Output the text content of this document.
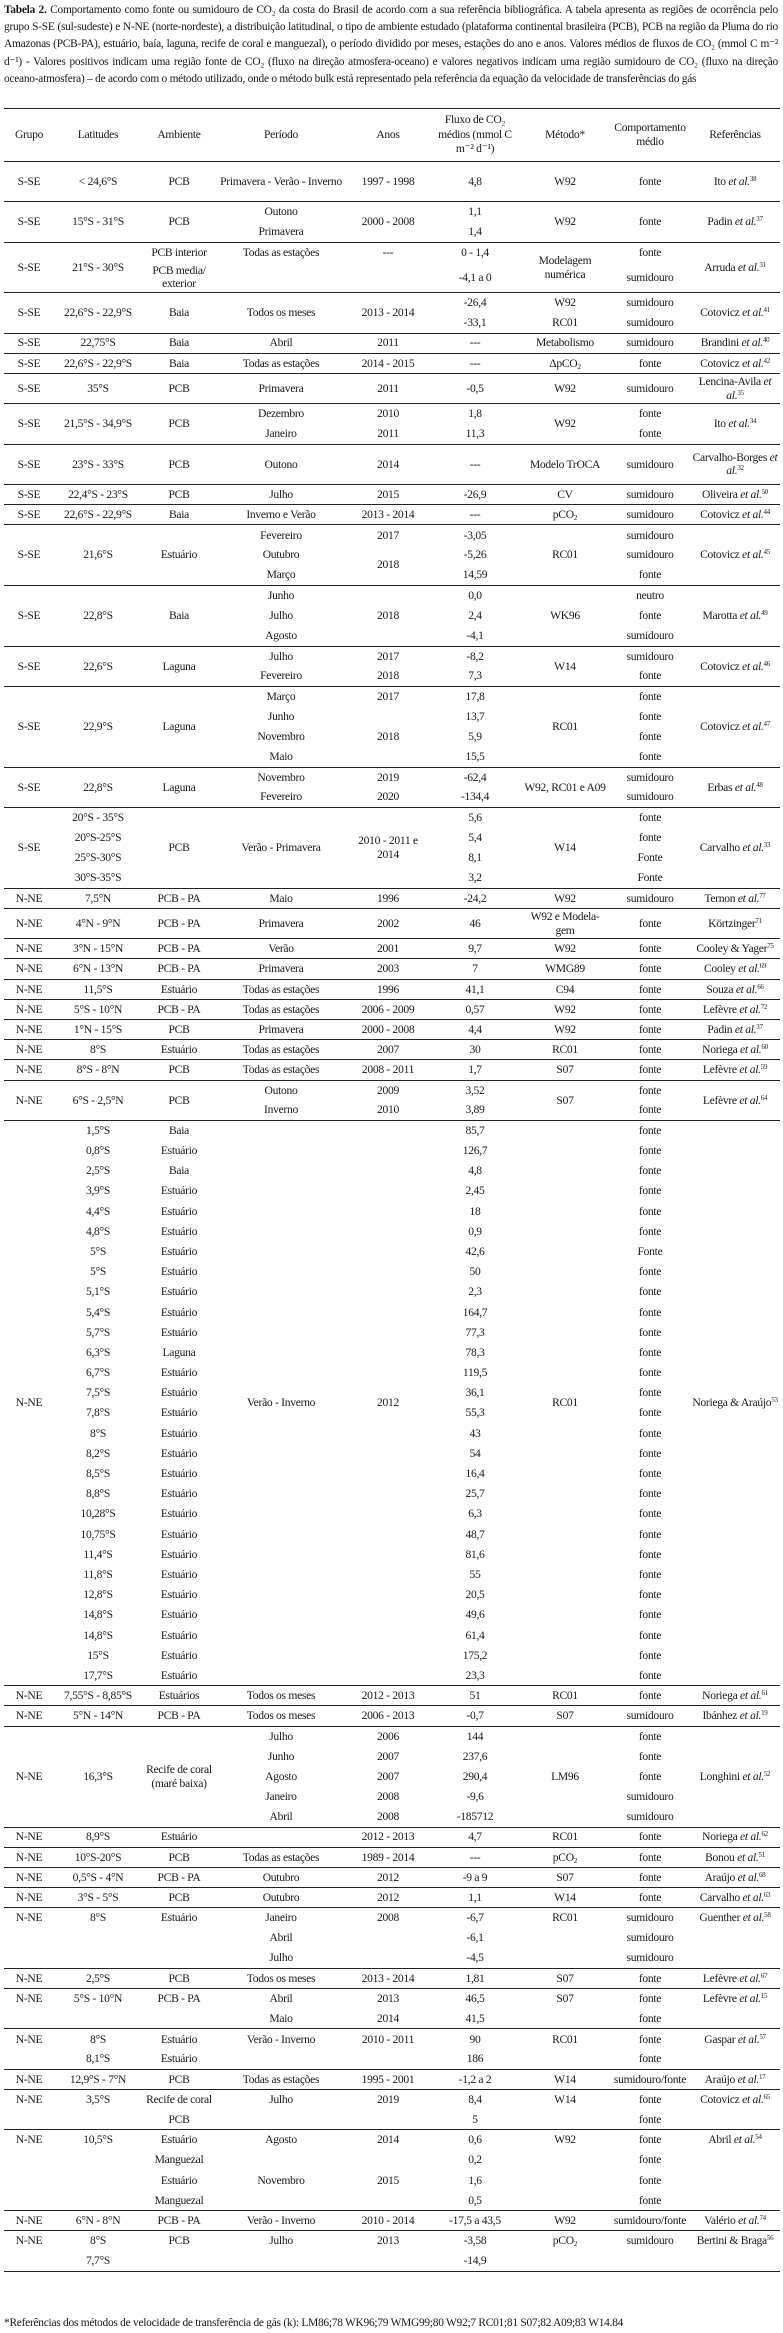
Tabela 2. Comportamento como fonte ou sumidouro de CO₂ da costa do Brasil de acordo com a sua referência bibliográfica. A tabela apresenta as regiões de ocorrência pelo grupo S-SE (sul-sudeste) e N-NE (norte-nordeste), a distribuição latitudinal, o tipo de ambiente estudado (plataforma continental brasileira (PCB), PCB na região da Pluma do rio Amazonas (PCB-PA), estuário, baía, laguna, recife de coral e manguezal), o período dividido por meses, estações do ano e anos. Valores médios de fluxos de CO₂ (mmol C m⁻² d⁻¹) - Valores positivos indicam uma região fonte de CO₂ (fluxo na direção atmosfera-oceano) e valores negativos indicam uma região sumidouro de CO₂ (fluxo na direção oceano-atmosfera) – de acordo com o método utilizado, onde o método bulk está representado pela referência da equação da velocidade de transferências do gás
Grupo	Latitudes	Ambiente	Período	Anos	Fluxo de CO₂ médios (mmol C m⁻² d⁻¹)	Método*	Comportamento médio	Referências
S-SE	< 24,6°S	PCB	Primavera - Verão - Inverno	1997 - 1998	4,8	W92	fonte	Ito et al.$^{38}$
S-SE	15°S - 31°S	PCB	Outono	2000 - 2008	1,1	W92	fonte	Padin et al.$^{37}$
			Primavera		1,4			
S-SE	21°S - 30°S	PCB interior	Todas as estações	---	0 - 1,4	Modelagem numérica	fonte	Arruda et al.$^{31}$
		PCB media/ exterior			-4,1 a 0		sumidouro	
S-SE	22,6°S - 22,9°S	Baia	Todos os meses	2013 - 2014	-26,4	W92	sumidouro	Cotovicz et al.$^{41}$
					-33,1	RC01	sumidouro	
S-SE	22,75°S	Baia	Abril	2011	---	Metabolismo	sumidouro	Brandini et al.$^{40}$
S-SE	22,6°S - 22,9°S	Baia	Todas as estações	2014 - 2015	---	ΔpCO$_2$	fonte	Cotovicz et al.$^{42}$
S-SE	35°S	PCB	Primavera	2011	-0,5	W92	sumidouro	Lencina-Avila et al.$^{35}$
S-SE	21,5°S - 34,9°S	PCB	Dezembro	2010	1,8	W92	fonte	Ito et al.$^{34}$
			Janeiro	2011	11,3		fonte	
S-SE	23°S - 33°S	PCB	Outono	2014	---	Modelo TrOCA	sumidouro	Carvalho-Borges et al.$^{32}$
S-SE	22,4°S - 23°S	PCB	Julho	2015	-26,9	CV	sumidouro	Oliveira et al.$^{50}$
S-SE	22,6°S - 22,9°S	Baia	Inverno e Verão	2013 - 2014	---	pCO$_2$	sumidouro	Cotovicz et al.$^{44}$
S-SE	21,6°S	Estuário	Fevereiro	2017	-3,05	RC01	sumidouro	Cotovicz et al.$^{45}$
			Outubro	2018	-5,26		sumidouro	
			Março		14,59		fonte	
S-SE	22,8°S	Baia	Junho	2018	0,0	WK96	neutro	Marotta et al.$^{49}$
			Julho		2,4		fonte	
			Agosto		-4,1		sumidouro	
S-SE	22,6°S	Laguna	Julho	2017	-8,2	W14	sumidouro	Cotovicz et al.$^{46}$
			Fevereiro	2018	7,3		fonte	
S-SE	22,9°S	Laguna	Março	2017	17,8	RC01	fonte	Cotovicz et al.$^{47}$
			Junho	2018	13,7		fonte	
			Novembro		5,9		fonte	
			Maio		15,5		fonte	
S-SE	22,8°S	Laguna	Novembro	2019	-62,4	W92, RC01 e A09	sumidouro	Erbas et al.$^{48}$
			Fevereiro	2020	-134,4		sumidouro	
S-SE	20°S - 35°S	PCB	Verão - Primavera	2010 - 2011 e 2014	5,6	W14	fonte	Carvalho et al.$^{33}$
	20°S-25°S				5,4		fonte	
	25°S-30°S				8,1		Fonte	
	30°S-35°S				3,2		Fonte	
N-NE	7,5°N	PCB - PA	Maio	1996	-24,2	W92	sumidouro	Ternon et al.$^{77}$
N-NE	4°N - 9°N	PCB - PA	Primavera	2002	46	W92 e Modela-gem	fonte	Körtzinger$^{71}$
N-NE	3°N - 15°N	PCB - PA	Verão	2001	9,7	W92	fonte	Cooley & Yager$^{75}$
N-NE	6°N - 13°N	PCB - PA	Primavera	2003	7	WMG89	fonte	Cooley et al.$^{69}$
N-NE	11,5°S	Estuário	Todas as estações	1996	41,1	C94	fonte	Souza et al.$^{66}$
N-NE	5°S - 10°N	PCB - PA	Todas as estações	2006 - 2009	0,57	W92	fonte	Lefèvre et al.$^{72}$
N-NE	1°N - 15°S	PCB	Primavera	2000 - 2008	4,4	W92	fonte	Padin et al.$^{37}$
N-NE	8°S	Estuário	Todas as estações	2007	30	RC01	fonte	Noriega et al.$^{60}$
N-NE	8°S - 8°N	PCB	Todas as estações	2008 - 2011	1,7	S07	fonte	Lefèvre et al.$^{59}$
N-NE	6°S - 2,5°N	PCB	Outono	2009	3,52	S07	fonte	Lefèvre et al.$^{64}$
			Inverno	2010	3,89		fonte	
N-NE	1,5°S	Baia	Verão - Inverno	2012	85,7	RC01	fonte	Noriega & Araújo$^{53}$
	0,8°S	Estuário			126,7		fonte	
	2,5°S	Baia			4,8		fonte	
	3,9°S	Estuário			2,45		fonte	
	4,4°S	Estuário			18		fonte	
	4,8°S	Estuário			0,9		fonte	
	5°S	Estuário			42,6		Fonte	
	5°S	Estuário			50		fonte	
	5,1°S	Estuário			2,3		fonte	
	5,4°S	Estuário			164,7		fonte	
	5,7°S	Estuário			77,3		fonte	
	6,3°S	Laguna			78,3		fonte	
	6,7°S	Estuário			119,5		fonte	
	7,5°S	Estuário			36,1		fonte	
	7,8°S	Estuário			55,3		fonte	
	8°S	Estuário			43		fonte	
	8,2°S	Estuário			54		fonte	
	8,5°S	Estuário			16,4		fonte	
	8,8°S	Estuário			25,7		fonte	
	10,28°S	Estuário			6,3		fonte	
	10,75°S	Estuário			48,7		fonte	
	11,4°S	Estuário			81,6		fonte	
	11,8°S	Estuário			55		fonte	
	12,8°S	Estuário			20,5		fonte	
	14,8°S	Estuário			49,6		fonte	
	14,8°S	Estuário			61,4		fonte	
	15°S	Estuário			175,2		fonte	
	17,7°S	Estuário			23,3		fonte	
N-NE	7,55°S - 8,85°S	Estuários	Todos os meses	2012 - 2013	51	RC01	fonte	Noriega et al.$^{61}$
N-NE	5°N - 14°N	PCB - PA	Todos os meses	2006 - 2013	-0,7	S07	sumidouro	Ibánhez et al.$^{19}$
N-NE	16,3°S	Recife de coral (maré baixa)	Julho	2006	144	LM96	fonte	Longhini et al.$^{52}$
			Junho	2007	237,6		fonte	
			Agosto	2007	290,4		fonte	
			Janeiro	2008	-9,6		sumidouro	
			Abril	2008	-185712		sumidouro	
N-NE	8,9°S	Estuário		2012 - 2013	4,7	RC01	fonte	Noriega et al.$^{62}$
N-NE	10°S-20°S	PCB	Todas as estações	1989 - 2014	---	pCO$_2$	fonte	Bonou et al.$^{51}$
N-NE	0,5°S - 4°N	PCB - PA	Outubro	2012	-9 a 9	S07	fonte	Araújo et al.$^{68}$
N-NE	3°S - 5°S	PCB	Outubro	2012	1,1	W14	fonte	Carvalho et al.$^{63}$
N-NE	8°S	Estuário	Janeiro	2008	-6,7	RC01	sumidouro	Guenther et al.$^{58}$
			Abril		-6,1		sumidouro	
			Julho		-4,5		sumidouro	
N-NE	2,5°S	PCB	Todos os meses	2013 - 2014	1,81	S07	fonte	Lefèvre et al.$^{67}$
N-NE	5°S - 10°N	PCB - PA	Abril	2013	46,5	S07	fonte	Lefèvre et al.$^{15}$
			Maio	2014	41,5		fonte	
N-NE	8°S	Estuário	Verão - Inverno	2010 - 2011	90	RC01	fonte	Gaspar et al.$^{57}$
	8,1°S	Estuário			186		fonte	
N-NE	12,9°S - 7°N	PCB	Todas as estações	1995 - 2001	-1,2 a 2	W14	sumidouro/fonte	Araújo et al.$^{17}$
N-NE	3,5°S	Recife de coral	Julho	2019	8,4	W14	fonte	Cotovicz et al.$^{65}$
		PCB			5		fonte	
N-NE	10,5°S	Estuário	Agosto	2014	0,6	W92	fonte	Abril et al.$^{54}$
		Manguezal			0,2		fonte	
		Estuário	Novembro	2015	1,6		fonte	
		Manguezal			0,5		fonte	
N-NE	6°N - 8°N	PCB - PA	Verão - Inverno	2010 - 2014	-17,5 a 43,5	W92	sumidouro/fonte	Valério et al.$^{74}$
N-NE	8°S	PCB	Julho	2013	-3,58	pCO$_2$	sumidouro	Bertini & Braga$^{56}$
	7,7°S				-14,9			
*Referências dos métodos de velocidade de transferência de gás (k): LM86;78 WK96;79 WMG99;80 W92;7 RC01;81 S07;82 A09;83 W14.84
